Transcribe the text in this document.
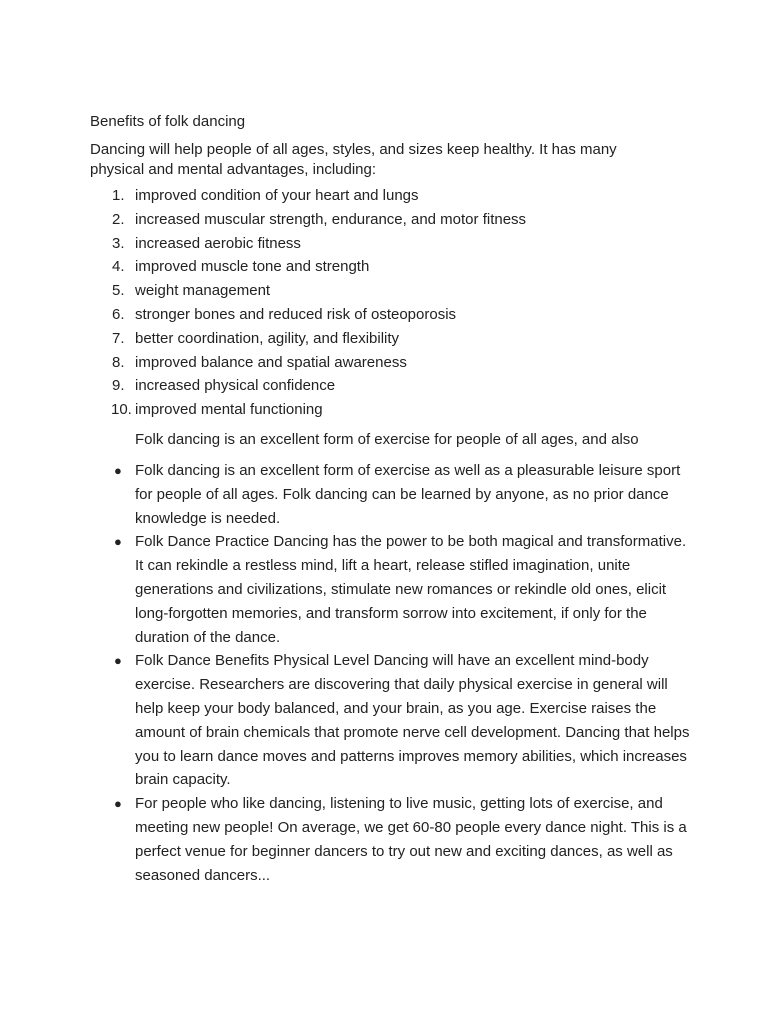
Benefits of folk dancing

Dancing will help people of all ages, styles, and sizes keep healthy. It has many physical and mental advantages, including:

1. improved condition of your heart and lungs
2. increased muscular strength, endurance, and motor fitness
3. increased aerobic fitness
4. improved muscle tone and strength
5. weight management
6. stronger bones and reduced risk of osteoporosis
7. better coordination, agility, and flexibility
8. improved balance and spatial awareness
9. increased physical confidence
10. improved mental functioning

Folk dancing is an excellent form of exercise for people of all ages, and also

● Folk dancing is an excellent form of exercise as well as a pleasurable leisure sport for people of all ages. Folk dancing can be learned by anyone, as no prior dance knowledge is needed.
● Folk Dance Practice Dancing has the power to be both magical and transformative. It can rekindle a restless mind, lift a heart, release stifled imagination, unite generations and civilizations, stimulate new romances or rekindle old ones, elicit long-forgotten memories, and transform sorrow into excitement, if only for the duration of the dance.
● Folk Dance Benefits Physical Level Dancing will have an excellent mind-body exercise. Researchers are discovering that daily physical exercise in general will help keep your body balanced, and your brain, as you age. Exercise raises the amount of brain chemicals that promote nerve cell development. Dancing that helps you to learn dance moves and patterns improves memory abilities, which increases brain capacity.
● For people who like dancing, listening to live music, getting lots of exercise, and meeting new people! On average, we get 60-80 people every dance night. This is a perfect venue for beginner dancers to try out new and exciting dances, as well as seasoned dancers...
